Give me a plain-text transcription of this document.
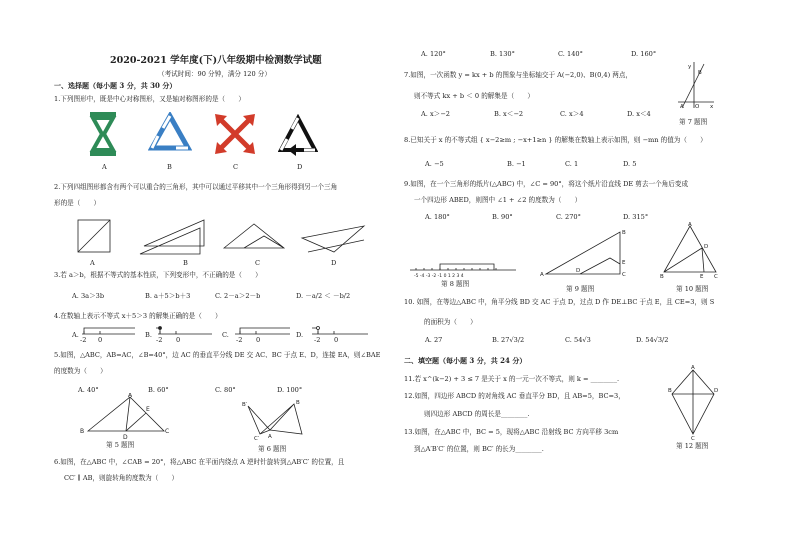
2020-2021 学年度(下)八年级期中检测数学试题
（考试时间：90 分钟，满分 120 分）
一、选择题（每小题 3 分，共 30 分）
1.下列图形中，既是中心对称图形，又是轴对称图形的是（　　）
A	B	C	D
2.下列四组图形都含有两个可以重合的三角形，其中可以通过平移其中一个三角形得到另一个三角
形的是（　　）
A	B	C	D
3.若 a＞b，根据不等式的基本性质，下列变形中，不正确的是（　　）
A. 3a＞3b	B. a＋5＞b＋3	C. 2－a＞2－b	D. －a/2 ＜ －b/2
4.在数轴上表示不等式 x＋5＞3 的解集正确的是（　　）
A.	B.	C.	D.
-2 0	-2 0	-2 0	-2 0
5.如图，△ABC，AB=AC，∠B=40°，边 AC 的垂直平分线 DE 交 AC、BC 于点 E、D，连接 EA，则∠BAE
的度数为（　　）
A. 40°	B. 60°	C. 80°	D. 100°
B
A
C
D
E
第 5 题图
B′	B
C′ A
第 6 题图
6.如图，在△ABC 中，∠CAB = 20°，将△ABC 在平面内绕点 A 逆时针旋转到△AB′C′ 的位置，且
CC′ ∥ AB，则旋转角的度数为（　　）
A. 120°	B. 130°	C. 140°	D. 160°
7.如图，一次函数 y = kx + b 的图象与坐标轴交于 A(−2,0)、B(0,4) 两点，
则不等式 kx + b ＜ 0 的解集是（　　）
A. x＞−2	B. x＜−2	C. x＞4	D. x＜4
y
x
A O
B
第 7 题图
8.已知关于 x 的不等式组 { x−2≥m ; −x+1≥n } 的解集在数轴上表示如图，则 −mn 的值为（　　）
A. −5	B. −1	C. 1	D. 5
9.如图，在一个三角形的纸片(△ABC) 中，∠C = 90°，将这个纸片沿直线 DE 剪去一个角后变成
一个四边形 ABED，则图中 ∠1 + ∠2 的度数为（　　）
A. 180°	B. 90°	C. 270°	D. 315°
-5 -4 -3 -2 -1 0 1 2 3 4
第 8 题图
A
B
C
D
E
第 9 题图
A
B	C
D
E
第 10 题图
10. 如图，在等边△ABC 中，角平分线 BD 交 AC 于点 D，过点 D 作 DE⊥BC 于点 E，且 CE=3，则 S
的面积为（　　）
A. 27	B. 27√3/2	C. 54√3	D. 54√3/2
二、填空题（每小题 3 分，共 24 分）
11.若 x^(k−2) + 3 ≤ 7 是关于 x 的一元一次不等式，则 k = ________.
12.如图，四边形 ABCD 的对角线 AC 垂直平分 BD，且 AB=5，BC=3，
则四边形 ABCD 的周长是________.
13.如图，在△ABC 中，BC = 5，现将△ABC 沿射线 BC 方向平移 3cm
到△A′B′C′ 的位置，则 BC′ 的长为________.
A
B	D
C
第 12 题图
